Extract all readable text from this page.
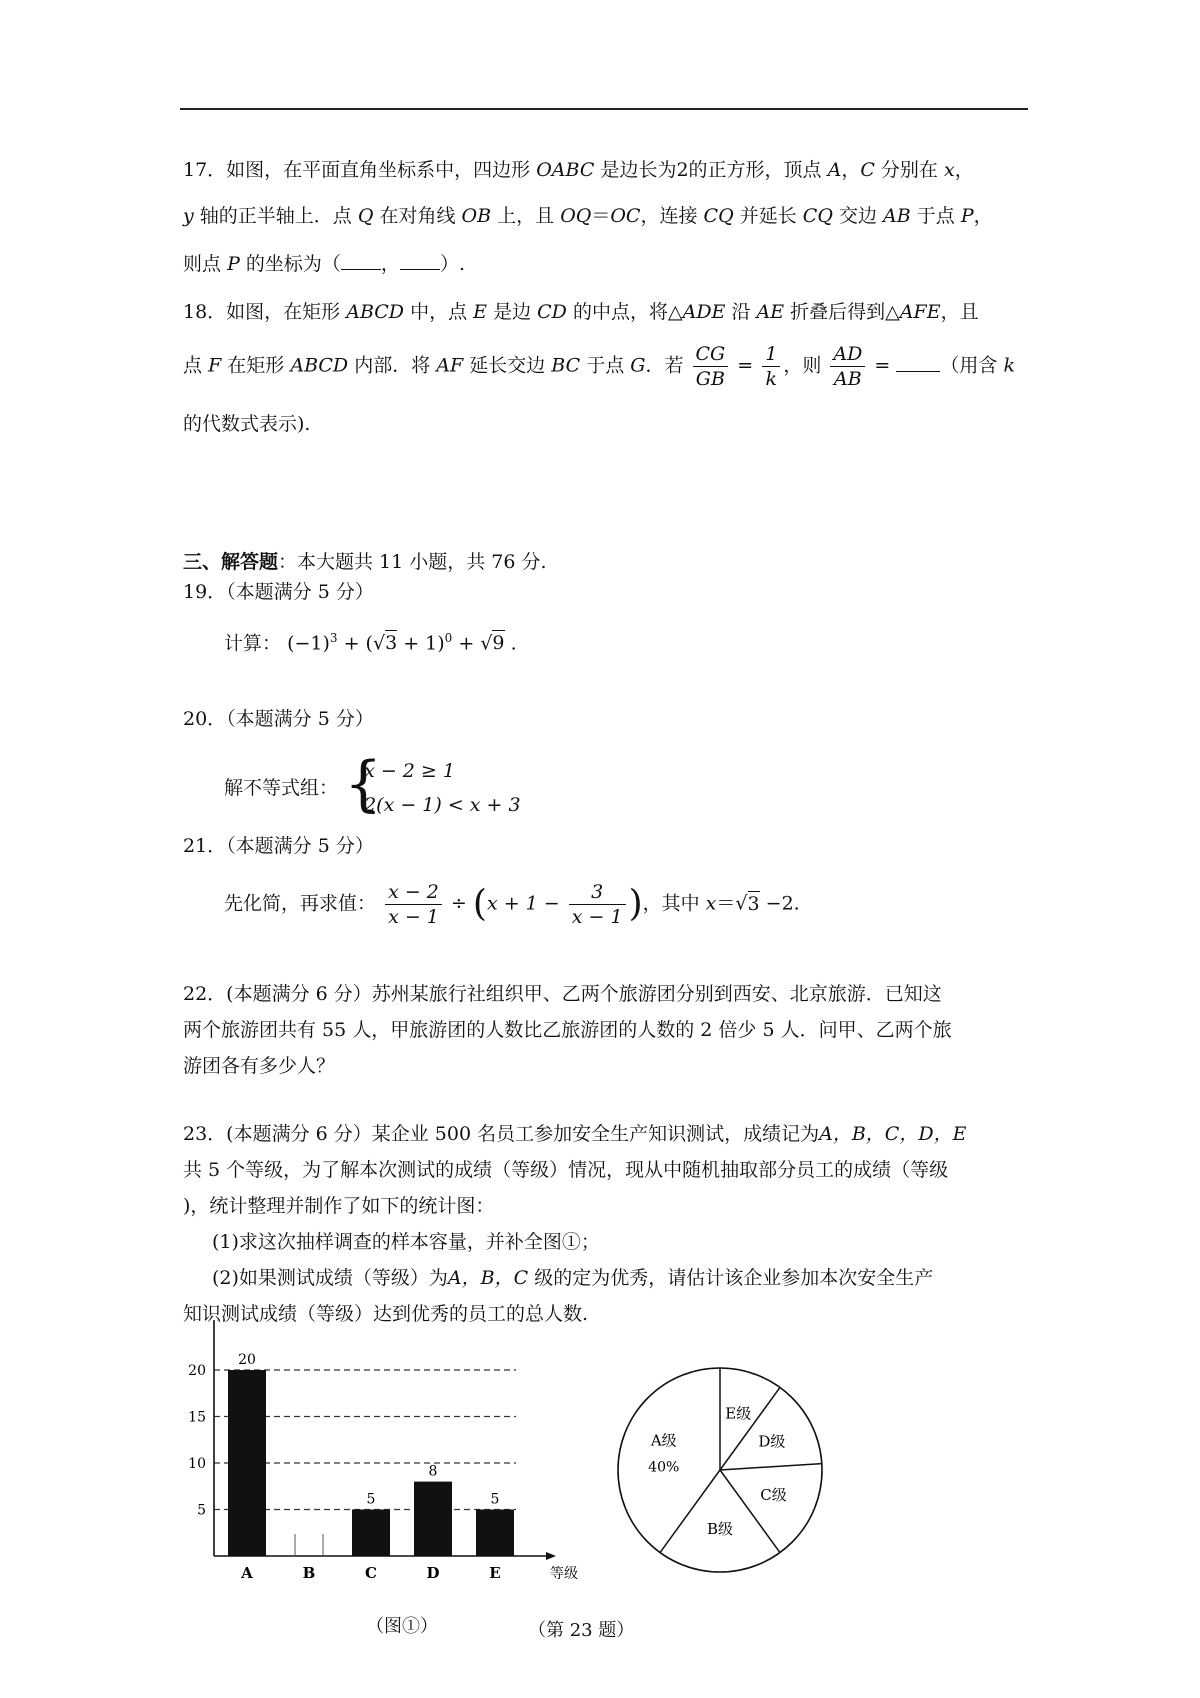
17．如图，在平面直角坐标系中，四边形 OABC 是边长为2的正方形，顶点 A，C 分别在 x，
y 轴的正半轴上．点 Q 在对角线 OB 上，且 OQ＝OC，连接 CQ 并延长 CQ 交边 AB 于点 P，
则点 P 的坐标为（ ， ）.
18．如图，在矩形 ABCD 中，点 E 是边 CD 的中点，将△ADE 沿 AE 折叠后得到△AFE，且
点 F 在矩形 ABCD 内部．将 AF 延长交边 BC 于点 G．若 $\frac{CG}{GB} = \frac{1}{k}$ ，则 $\frac{AD}{AB}$ =	（用含 k
的代数式表示).
三、解答题：本大题共 11 小题，共 76 分.
19．（本题满分 5 分）
计算： $(-1)^3 + (√3 + 1)^0 + √9$ .
20．（本题满分 5 分）
解不等式组： {
x − 2 ≥ 1
2(x − 1) < x + 3
21．（本题满分 5 分）
先化简，再求值： $\frac{x - 2}{x - 1} \div (x + 1 - \frac{3}{x - 1}$ )，其中 x＝√3 −2.
22．(本题满分 6 分）苏州某旅行社组织甲、乙两个旅游团分别到西安、北京旅游．已知这
两个旅游团共有 55 人，甲旅游团的人数比乙旅游团的人数的 2 倍少 5 人．问甲、乙两个旅
游团各有多少人？
23．(本题满分 6 分）某企业 500 名员工参加安全生产知识测试，成绩记为A，B，C，D，E
共 5 个等级，为了解本次测试的成绩（等级）情况，现从中随机抽取部分员工的成绩（等级
)，统计整理并制作了如下的统计图：
(1)求这次抽样调查的样本容量，并补全图①；
(2)如果测试成绩（等级）为A，B，C 级的定为优秀，请估计该企业参加本次安全生产
知识测试成绩（等级）达到优秀的员工的总人数.
5
10
15
20
20
A	B
5
C
8
D
5
E	等级
（图①）
A级
40%
B级
C级
D级
E级
（第 23 题）
